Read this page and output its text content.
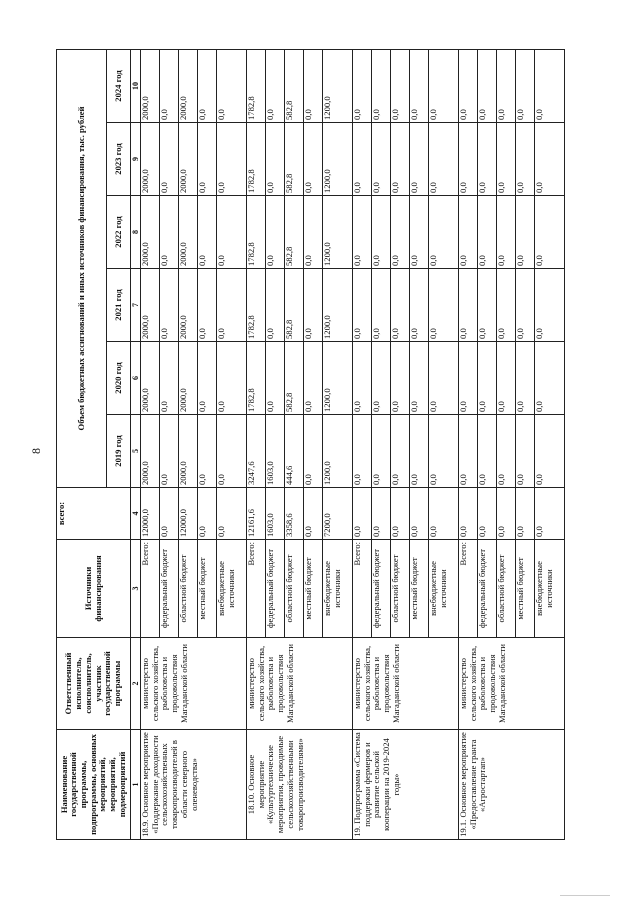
8
Наименование государственной программы, подпрограммы, основных мероприятий, мероприятий, подмероприятий	Ответственный исполнитель, соисполнитель, участник государственной программы	Источники финансирования	всего:	Объем бюджетных ассигнований и иных источников финансирования, тыс. рублей					
				2019 год	2020 год	2021 год	2022 год	2023 год	2024 год
1	2	3	4	5	6	7	8	9	10
18.9. Основное мероприятие «Поддержание доходности сельскохозяйственных товаропроизводителей в области северного оленеводства»	министерство сельского хозяйства, рыболовства и продовольствия Магаданской области	Всего:	12000,0	2000,0	2000,0	2000,0	2000,0	2000,0	2000,0
		федеральный бюджет	0,0	0,0	0,0	0,0	0,0	0,0	0,0
		областной бюджет	12000,0	2000,0	2000,0	2000,0	2000,0	2000,0	2000,0
		местный бюджет	0,0	0,0	0,0	0,0	0,0	0,0	0,0
		внебюджетные источники	0,0	0,0	0,0	0,0	0,0	0,0	0,0
18.10. Основное мероприятие «Культуртехнические мероприятия, проводимые сельскохозяйственными товаропроизводителями»	министерство сельского хозяйства, рыболовства и продовольствия Магаданской области	Всего:	12161,6	3247,6	1782,8	1782,8	1782,8	1782,8	1782,8
		федеральный бюджет	1603,0	1603,0	0,0	0,0	0,0	0,0	0,0
		областной бюджет	3358,6	444,6	582,8	582,8	582,8	582,8	582,8
		местный бюджет	0,0	0,0	0,0	0,0	0,0	0,0	0,0
		внебюджетные источники	7200,0	1200,0	1200,0	1200,0	1200,0	1200,0	1200,0
19. Подпрограмма «Система поддержки фермеров и развитие сельской кооперации на 2019-2024 годы»	министерство сельского хозяйства, рыболовства и продовольствия Магаданской области	Всего:	0,0	0,0	0,0	0,0	0,0	0,0	0,0
		федеральный бюджет	0,0	0,0	0,0	0,0	0,0	0,0	0,0
		областной бюджет	0,0	0,0	0,0	0,0	0,0	0,0	0,0
		местный бюджет	0,0	0,0	0,0	0,0	0,0	0,0	0,0
		внебюджетные источники	0,0	0,0	0,0	0,0	0,0	0,0	0,0
19.1. Основное мероприятие «Предоставление гранта «Агростартап»	министерство сельского хозяйства, рыболовства и продовольствия Магаданской области	Всего:	0,0	0,0	0,0	0,0	0,0	0,0	0,0
		федеральный бюджет	0,0	0,0	0,0	0,0	0,0	0,0	0,0
		областной бюджет	0,0	0,0	0,0	0,0	0,0	0,0	0,0
		местный бюджет	0,0	0,0	0,0	0,0	0,0	0,0	0,0
		внебюджетные источники	0,0	0,0	0,0	0,0	0,0	0,0	0,0
